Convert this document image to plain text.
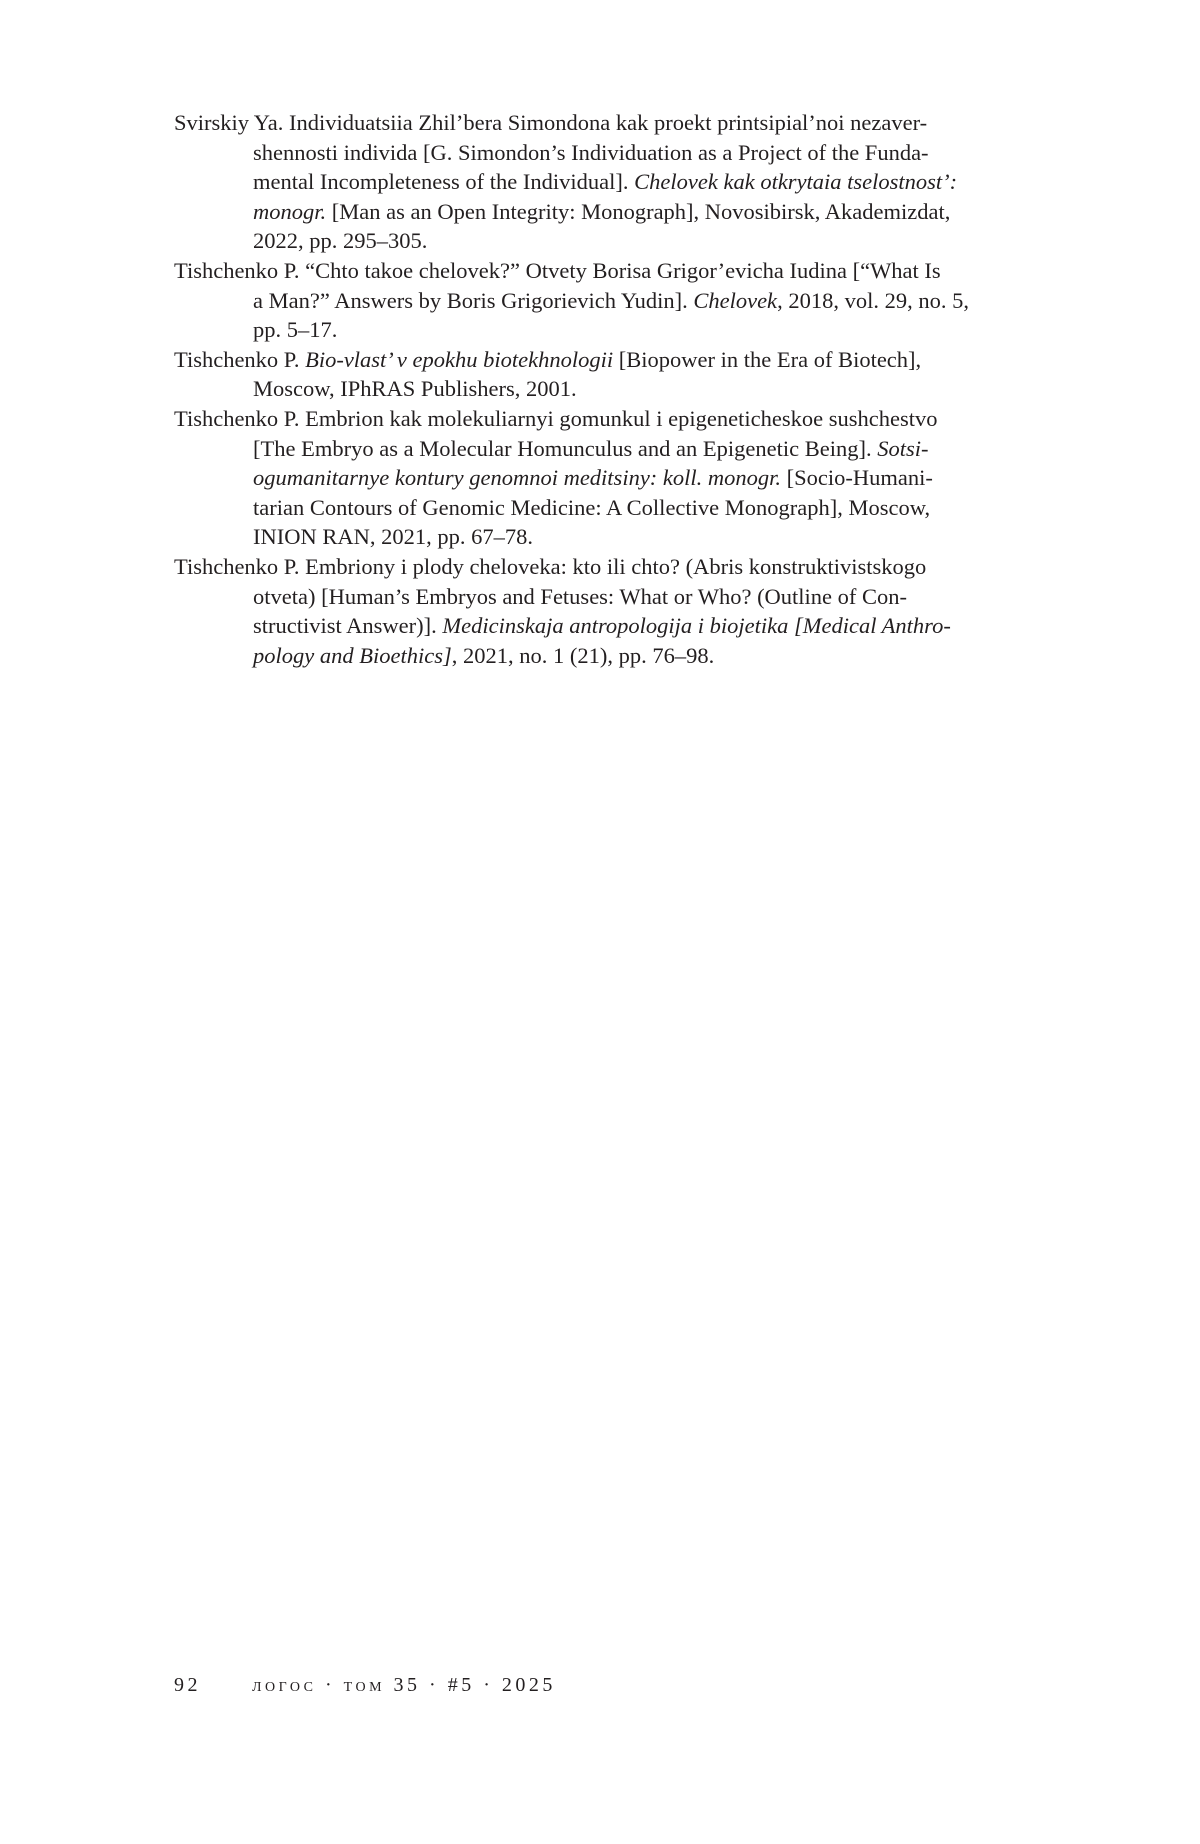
Svirskiy Ya. Individuatsiia Zhil’bera Simondona kak proekt printsipial’noi nezaver-
shennosti individa [G. Simondon’s Individuation as a Project of the Funda-
mental Incompleteness of the Individual]. Chelovek kak otkrytaia tselostnost’:
monogr. [Man as an Open Integrity: Monograph], Novosibirsk, Akademizdat,
2022, pp. 295–305.

Tishchenko P. “Chto takoe chelovek?” Otvety Borisa Grigor’evicha Iudina [“What Is
a Man?” Answers by Boris Grigorievich Yudin]. Chelovek, 2018, vol. 29, no. 5,
pp. 5–17.

Tishchenko P. Bio-vlast’ v epokhu biotekhnologii [Biopower in the Era of Biotech],
Moscow, IPhRAS Publishers, 2001.

Tishchenko P. Embrion kak molekuliarnyi gomunkul i epigeneticheskoe sushchestvo
[The Embryo as a Molecular Homunculus and an Epigenetic Being]. Sotsi-
ogumanitarnye kontury genomnoi meditsiny: koll. monogr. [Socio-Humani-
tarian Contours of Genomic Medicine: A Collective Monograph], Moscow,
INION RAN, 2021, pp. 67–78.

Tishchenko P. Embriony i plody cheloveka: kto ili chto? (Abris konstruktivistskogo
otveta) [Human’s Embryos and Fetuses: What or Who? (Outline of Con-
structivist Answer)]. Medicinskaja antropologija i biojetika [Medical Anthro-
pology and Bioethics], 2021, no. 1 (21), pp. 76–98.

92	логос · том 35 · #5 · 2025
